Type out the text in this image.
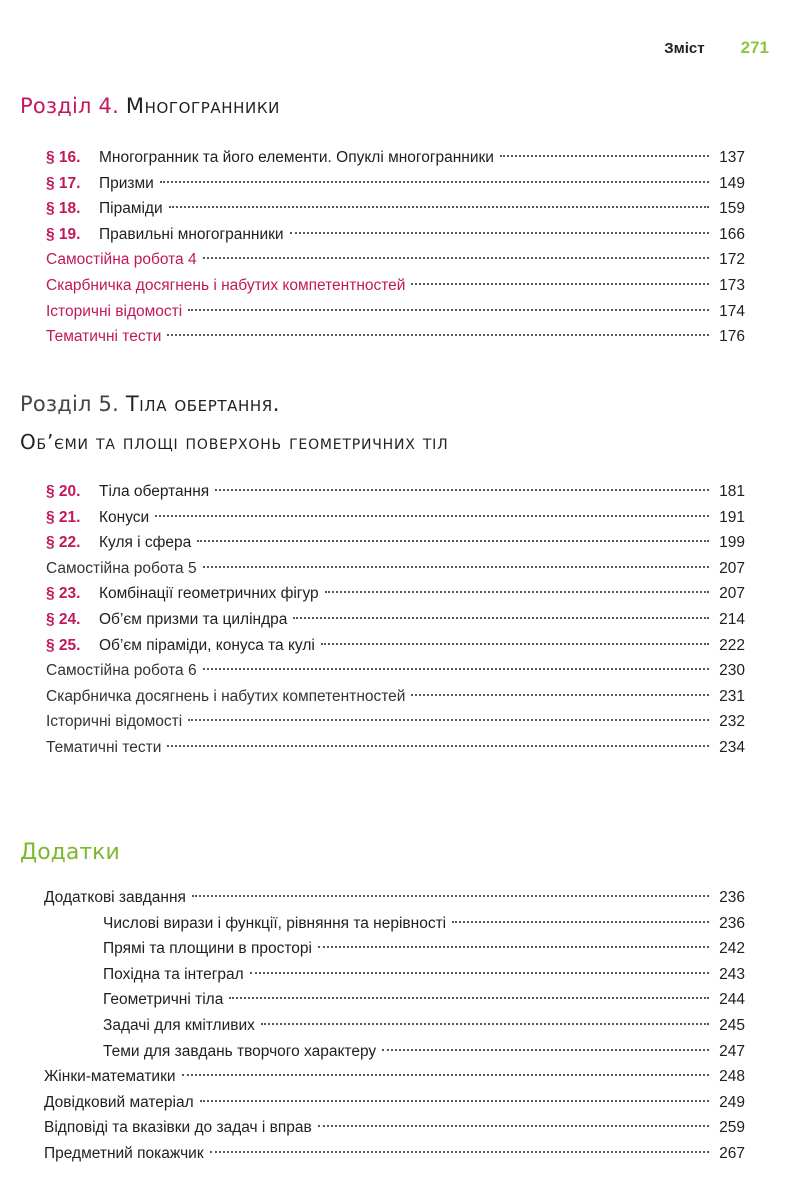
Зміст 271
Розділ 4. Многогранники
§ 16.	Многогранник та його елементи. Опуклі многогранники	137
§ 17.	Призми	149
§ 18.	Піраміди	159
§ 19.	Правильні многогранники	166
Самостійна робота 4	172
Скарбничка досягнень і набутих компетентностей	173
Історичні відомості	174
Тематичні тести	176
Розділ 5. Тіла обертання.
Об’єми та площі поверхонь геометричних тіл
§ 20.	Тіла обертання	181
§ 21.	Конуси	191
§ 22.	Куля і сфера	199
Самостійна робота 5	207
§ 23.	Комбінації геометричних фігур	207
§ 24.	Об’єм призми та циліндра	214
§ 25.	Об’єм піраміди, конуса та кулі	222
Самостійна робота 6	230
Скарбничка досягнень і набутих компетентностей	231
Історичні відомості	232
Тематичні тести	234
Додатки
Додаткові завдання	236
Числові вирази і функції, рівняння та нерівності	236
Прямі та площини в просторі	242
Похідна та інтеграл	243
Геометричні тіла	244
Задачі для кмітливих	245
Теми для завдань творчого характеру	247
Жінки-математики	248
Довідковий матеріал	249
Відповіді та вказівки до задач і вправ	259
Предметний покажчик	267
